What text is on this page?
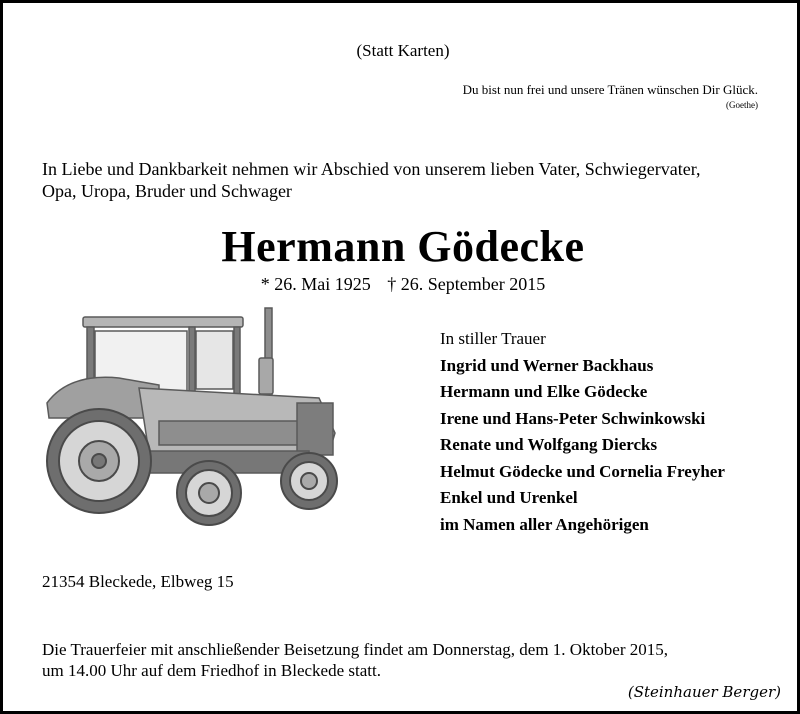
(Statt Karten)
Du bist nun frei und unsere Tränen wünschen Dir Glück.
(Goethe)
In Liebe und Dankbarkeit nehmen wir Abschied von unserem lieben Vater, Schwiegervater,
Opa, Uropa, Bruder und Schwager
Hermann Gödecke
* 26. Mai 1925 † 26. September 2015
In stiller Trauer
Ingrid und Werner Backhaus
Hermann und Elke Gödecke
Irene und Hans-Peter Schwinkowski
Renate und Wolfgang Diercks
Helmut Gödecke und Cornelia Freyher
Enkel und Urenkel
im Namen aller Angehörigen
21354 Bleckede, Elbweg 15
Die Trauerfeier mit anschließender Beisetzung findet am Donnerstag, dem 1. Oktober 2015,
um 14.00 Uhr auf dem Friedhof in Bleckede statt.
(Steinhauer Berger)
